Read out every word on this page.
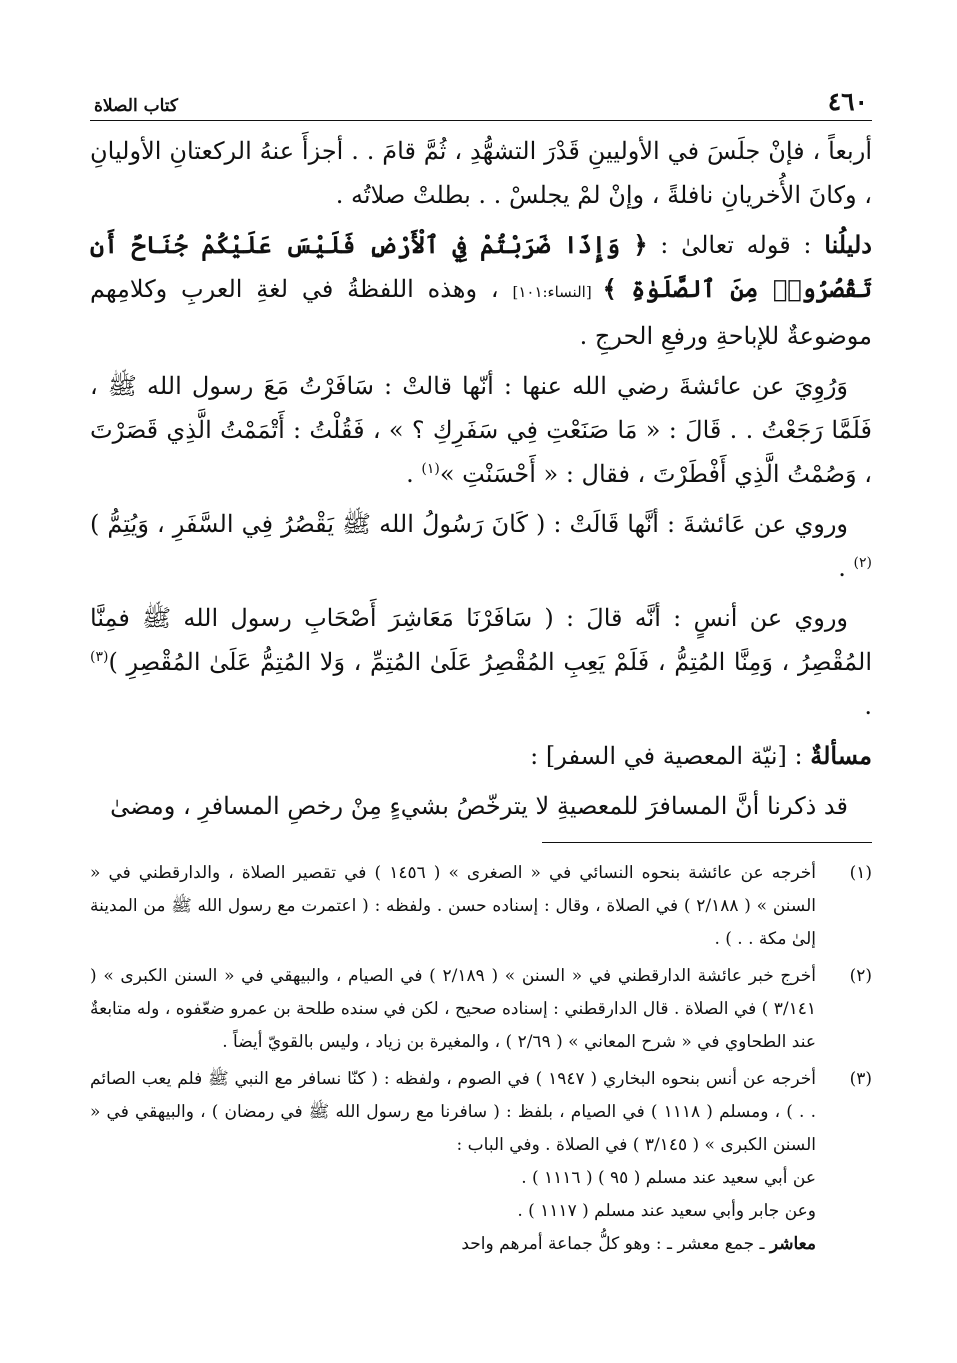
٤٦٠
كتاب الصلاة

أربعاً ، فإنْ جلَسَ في الأوليينِ قَدْرَ التشهُّدِ ، ثُمَّ قامَ . . أجزأَ عنهُ الركعتانِ الأوليانِ ، وكانَ الأُخريانِ نافلةً ، وإنْ لمْ يجلسْ . . بطلتْ صلاتُه .

دليلُنا : قوله تعالىٰ : ﴿ وَإِذَا ضَرَبْتُمْ فِي ٱلْأَرْضِ فَلَيْسَ عَلَيْكُمْ جُنَاحٌ أَن تَقْصُرُوا۟ مِنَ ٱلصَّلَوٰةِ ﴾ [النساء:١٠١] ، وهذه اللفظةُ في لغةِ العربِ وكلامِهم موضوعةٌ للإباحةِ ورفعِ الحرجِ .

وَرُوِيَ عن عائشةَ رضي الله عنها : أنّها قالتْ : سَافَرْتُ مَعَ رسول الله ﷺ ، فَلَمَّا رَجَعْتُ . . قَالَ : « مَا صَنَعْتِ فِي سَفَرِكِ ؟ » ، فَقُلْتُ : أَتْمَمْتُ الَّذِي قَصَرْتَ ، وَصُمْتُ الَّذِي أَفْطَرْتَ ، فقال : « أَحْسَنْتِ »$^{(١)}$ .

وروي عن عَائشةَ : أنَّها قَالَتْ : ( كَانَ رَسُولُ الله ﷺ يَقْصُرُ فِي السَّفَرِ ، وَيُتِمُّ )$^{(٢)}$ .

وروي عن أنسٍ : أنَّه قالَ : ( سَافَرْنَا مَعَاشِرَ أَصْحَابِ رسول الله ﷺ فمِنَّا المُقْصِرُ ، وَمِنَّا المُتِمُّ ، فَلَمْ يَعِبِ المُقْصِرُ عَلَىٰ المُتِمِّ ، وَلا المُتِمُّ عَلَىٰ المُقْصِرِ )$^{(٣)}$ .

مسألةٌ : [نيّة المعصية في السفر] :

قد ذكرنا أنَّ المسافرَ للمعصيةِ لا يترخّصُ بشيءٍ مِنْ رخصِ المسافرِ ، ومضىٰ

(١)
أخرجه عن عائشة بنحوه النسائي في « الصغرى » ( ١٤٥٦ ) في تقصير الصلاة ، والدارقطني في « السنن » ( ٢/١٨٨ ) في الصلاة ، وقال : إسناده حسن . ولفظه : ( اعتمرت مع رسول الله ﷺ من المدينة إلىٰ مكة . . ) .
(٢)
أخرج خبر عائشة الدارقطني في « السنن » ( ٢/١٨٩ ) في الصيام ، والبيهقي في « السنن الكبرى » ( ٣/١٤١ ) في الصلاة . قال الدارقطني : إسناده صحيح ، لكن في سنده طلحة بن عمرو ضعّفوه ، وله متابعةٌ عند الطحاوي في « شرح المعاني » ( ٢/٦٩ ) ، والمغيرة بن زياد ، وليس بالقويّ أيضاً .
(٣)
أخرجه عن أنس بنحوه البخاري ( ١٩٤٧ ) في الصوم ، ولفظه : ( كنّا نسافر مع النبي ﷺ فلم يعب الصائم . . ) ، ومسلم ( ١١١٨ ) في الصيام ، بلفظ : ( سافرنا مع رسول الله ﷺ في رمضان ) ، والبيهقي في « السنن الكبرى » ( ٣/١٤٥ ) في الصلاة . وفي الباب :
عن أبي سعيد عند مسلم ( ٩٥ ) ( ١١١٦ ) .
وعن جابر وأبي سعيد عند مسلم ( ١١١٧ ) .
معاشر ـ جمع معشر ـ : وهو كلُّ جماعة أمرهم واحد
